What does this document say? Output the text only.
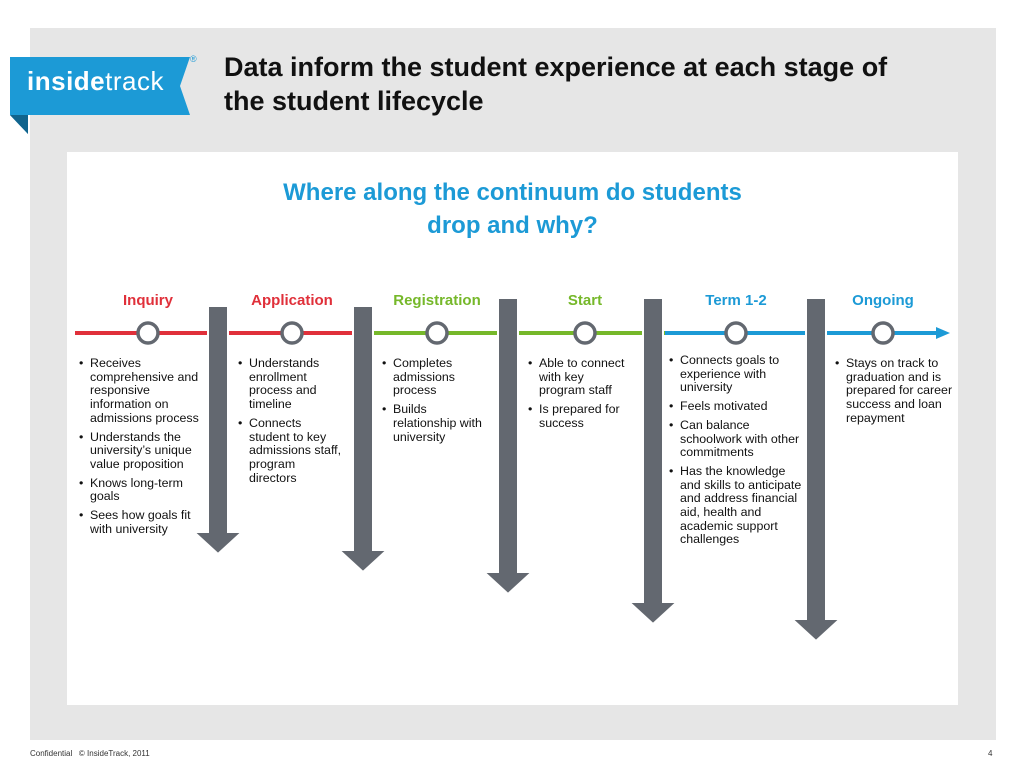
insidetrack
® Data inform the student experience at each stage of the student lifecycle
Where along the continuum do students drop and why?
Inquiry	Application	Registration	Start	Term 1-2	Ongoing
• Receives comprehensive and responsive information on admissions process
• Understands the university’s unique value proposition
• Knows long-term goals
• Sees how goals fit with university
• Understands enrollment process and timeline
• Connects student to key admissions staff, program directors
• Completes admissions process
• Builds relationship with university
• Able to connect with key program staff
• Is prepared for success
• Connects goals to experience with university
• Feels motivated
• Can balance schoolwork with other commitments
• Has the knowledge and skills to anticipate and address financial aid, health and academic support challenges
• Stays on track to graduation and is prepared for career success and loan repayment
Confidential © InsideTrack, 2011	4
